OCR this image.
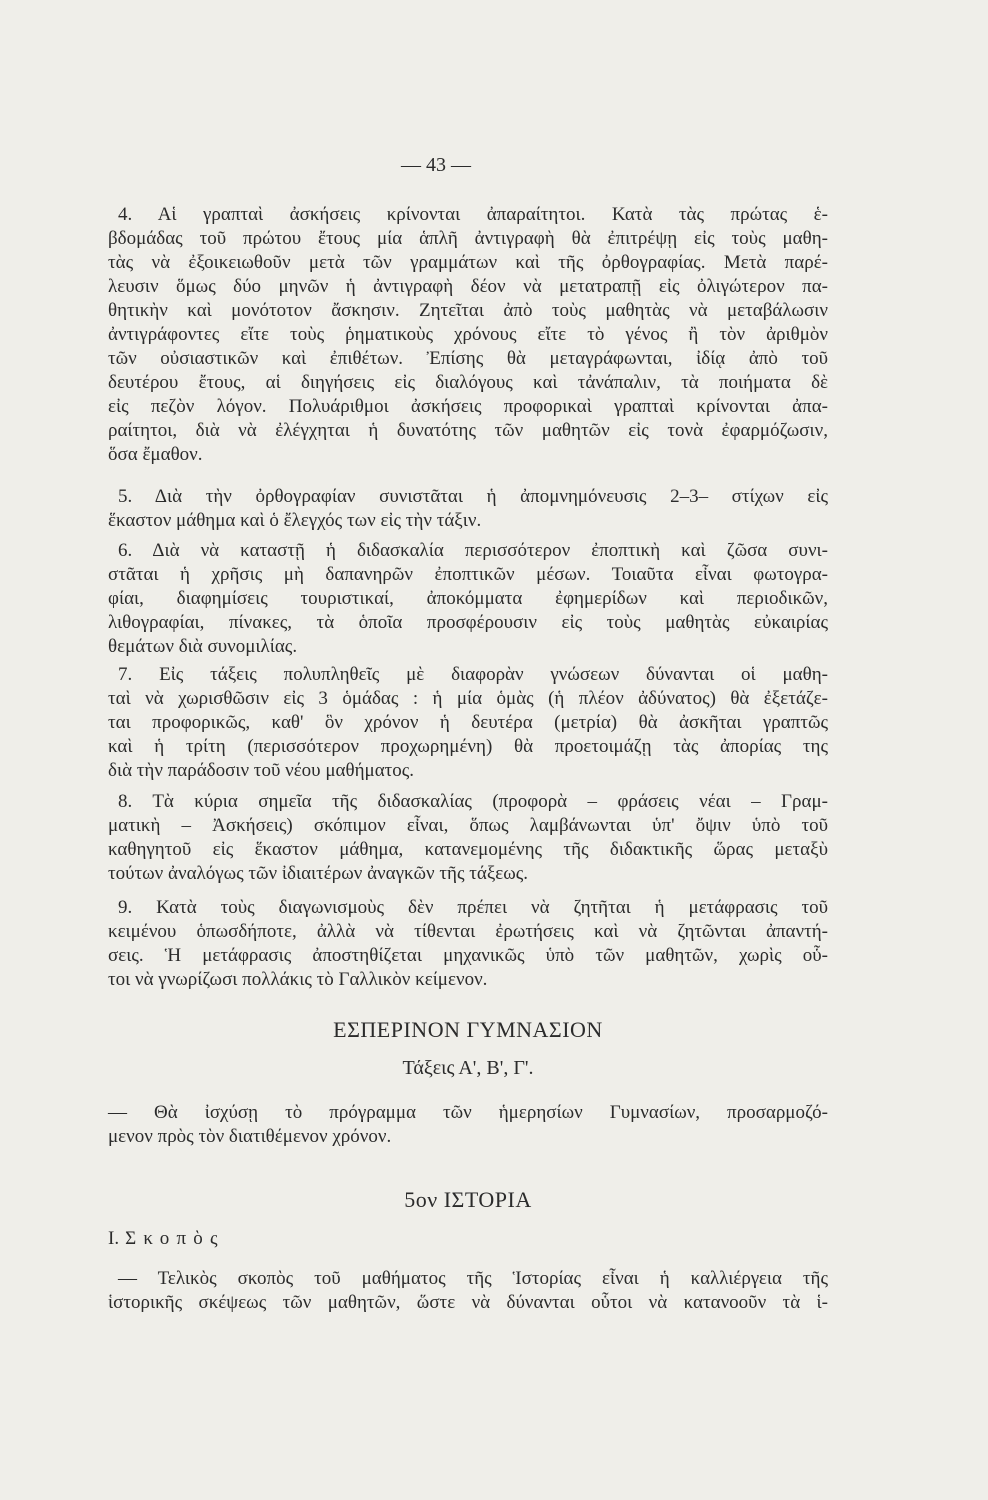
— 43 —
4. Αἱ γραπταὶ ἀσκήσεις κρίνονται ἀπαραίτητοι. Κατὰ τὰς πρώτας ἑ-
βδομάδας τοῦ πρώτου ἔτους μία ἁπλῆ ἀντιγραφὴ θὰ ἐπιτρέψῃ εἰς τοὺς μαθη-
τὰς νὰ ἐξοικειωθοῦν μετὰ τῶν γραμμάτων καὶ τῆς ὀρθογραφίας. Μετὰ παρέ-
λευσιν ὅμως δύο μηνῶν ἡ ἀντιγραφὴ δέον νὰ μετατραπῇ εἰς ὀλιγώτερον πα-
θητικὴν καὶ μονότοτον ἄσκησιν. Ζητεῖται ἀπὸ τοὺς μαθητὰς νὰ μεταβάλωσιν
ἀντιγράφοντες εἴτε τοὺς ῥηματικοὺς χρόνους εἴτε τὸ γένος ἢ τὸν ἀριθμὸν
τῶν οὐσιαστικῶν καὶ ἐπιθέτων. Ἐπίσης θὰ μεταγράφωνται, ἰδίᾳ ἀπὸ τοῦ
δευτέρου ἔτους, αἱ διηγήσεις εἰς διαλόγους καὶ τἀνάπαλιν, τὰ ποιήματα δὲ
εἰς πεζὸν λόγον. Πολυάριθμοι ἀσκήσεις προφορικαὶ γραπταὶ κρίνονται ἀπα-
ραίτητοι, διὰ νὰ ἐλέγχηται ἡ δυνατότης τῶν μαθητῶν εἰς τονὰ ἐφαρμόζωσιν,
ὅσα ἔμαθον.
5. Διὰ τὴν ὀρθογραφίαν συνιστᾶται ἡ ἀπομνημόνευσις 2–3– στίχων εἰς
ἕκαστον μάθημα καὶ ὁ ἔλεγχός των εἰς τὴν τάξιν.
6. Διὰ νὰ καταστῇ ἡ διδασκαλία περισσότερον ἐποπτικὴ καὶ ζῶσα συνι-
στᾶται ἡ χρῆσις μὴ δαπανηρῶν ἐποπτικῶν μέσων. Τοιαῦτα εἶναι φωτογρα-
φίαι, διαφημίσεις τουριστικαί, ἀποκόμματα ἐφημερίδων καὶ περιοδικῶν,
λιθογραφίαι, πίνακες, τὰ ὁποῖα προσφέρουσιν εἰς τοὺς μαθητὰς εὐκαιρίας
θεμάτων διὰ συνομιλίας.
7. Εἰς τάξεις πολυπληθεῖς μὲ διαφορὰν γνώσεων δύνανται οἱ μαθη-
ταὶ νὰ χωρισθῶσιν εἰς 3 ὁμάδας : ἡ μία ὁμὰς (ἡ πλέον ἀδύνατος) θὰ ἐξετάζε-
ται προφορικῶς, καθ' ὃν χρόνον ἡ δευτέρα (μετρία) θὰ ἀσκῆται γραπτῶς
καὶ ἡ τρίτη (περισσότερον προχωρημένη) θὰ προετοιμάζῃ τὰς ἀπορίας της
διὰ τὴν παράδοσιν τοῦ νέου μαθήματος.
8. Τὰ κύρια σημεῖα τῆς διδασκαλίας (προφορὰ – φράσεις νέαι – Γραμ-
ματικὴ – Ἀσκήσεις) σκόπιμον εἶναι, ὅπως λαμβάνωνται ὑπ' ὄψιν ὑπὸ τοῦ
καθηγητοῦ εἰς ἕκαστον μάθημα, κατανεμομένης τῆς διδακτικῆς ὥρας μεταξὺ
τούτων ἀναλόγως τῶν ἰδιαιτέρων ἀναγκῶν τῆς τάξεως.
9. Κατὰ τοὺς διαγωνισμοὺς δὲν πρέπει νὰ ζητῆται ἡ μετάφρασις τοῦ
κειμένου ὁπωσδήποτε, ἀλλὰ νὰ τίθενται ἐρωτήσεις καὶ νὰ ζητῶνται ἀπαντή-
σεις. Ἡ μετάφρασις ἀποστηθίζεται μηχανικῶς ὑπὸ τῶν μαθητῶν, χωρὶς οὗ-
τοι νὰ γνωρίζωσι πολλάκις τὸ Γαλλικὸν κείμενον.
ΕΣΠΕΡΙΝΟΝ ΓΥΜΝΑΣΙΟΝ
Τάξεις Α', Β', Γ'.
— Θὰ ἰσχύσῃ τὸ πρόγραμμα τῶν ἡμερησίων Γυμνασίων, προσαρμοζό-
μενον πρὸς τὸν διατιθέμενον χρόνον.
5ον ΙΣΤΟΡΙΑ
Ι. Σκοπὸς
— Τελικὸς σκοπὸς τοῦ μαθήματος τῆς Ἱστορίας εἶναι ἡ καλλιέργεια τῆς
ἱστορικῆς σκέψεως τῶν μαθητῶν, ὥστε νὰ δύνανται οὗτοι νὰ κατανοοῦν τὰ ἱ-
